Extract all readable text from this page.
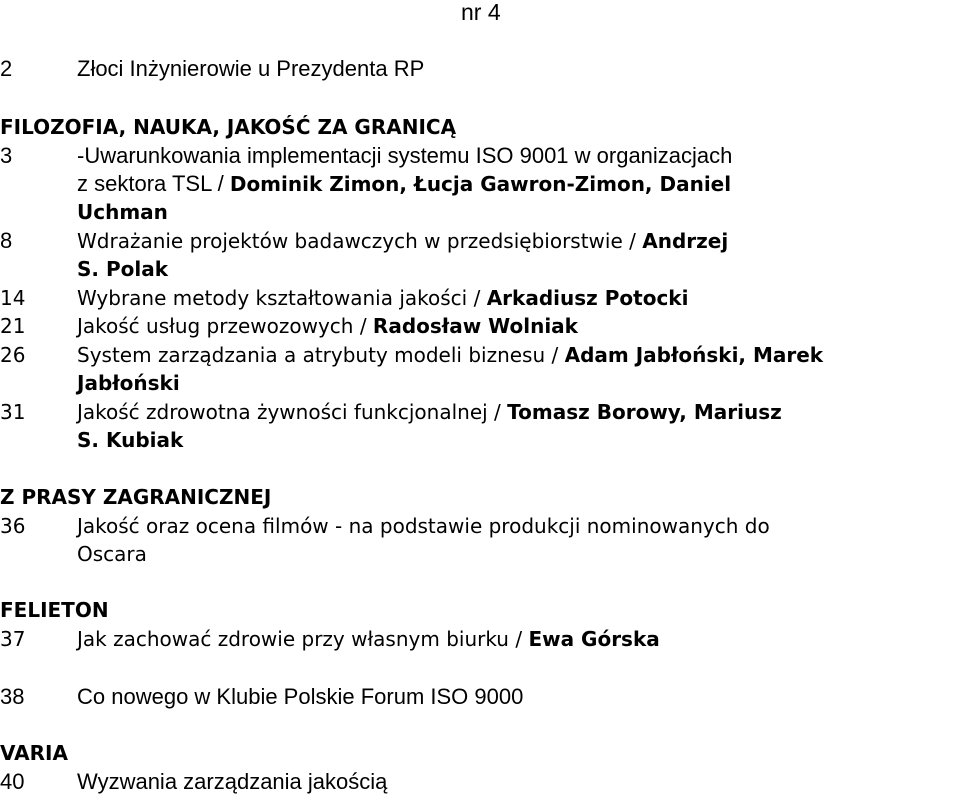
nr 4
2	Złoci Inżynierowie u Prezydenta RP
FILOZOFIA, NAUKA, JAKOŚĆ ZA GRANICĄ
3	-Uwarunkowania implementacji systemu ISO 9001 w organizacjach
z sektora TSL / Dominik Zimon, Łucja Gawron-Zimon, Daniel
Uchman
8	Wdrażanie projektów badawczych w przedsiębiorstwie / Andrzej
S. Polak
14	Wybrane metody kształtowania jakości / Arkadiusz Potocki
21	Jakość usług przewozowych / Radosław Wolniak
26	System zarządzania a atrybuty modeli biznesu / Adam Jabłoński, Marek
Jabłoński
31	Jakość zdrowotna żywności funkcjonalnej / Tomasz Borowy, Mariusz
S. Kubiak
Z PRASY ZAGRANICZNEJ
36	Jakość oraz ocena filmów - na podstawie produkcji nominowanych do
Oscara
FELIETON
37	Jak zachować zdrowie przy własnym biurku / Ewa Górska
38 Co nowego w Klubie Polskie Forum ISO 9000
VARIA
40 Wyzwania zarządzania jakością
